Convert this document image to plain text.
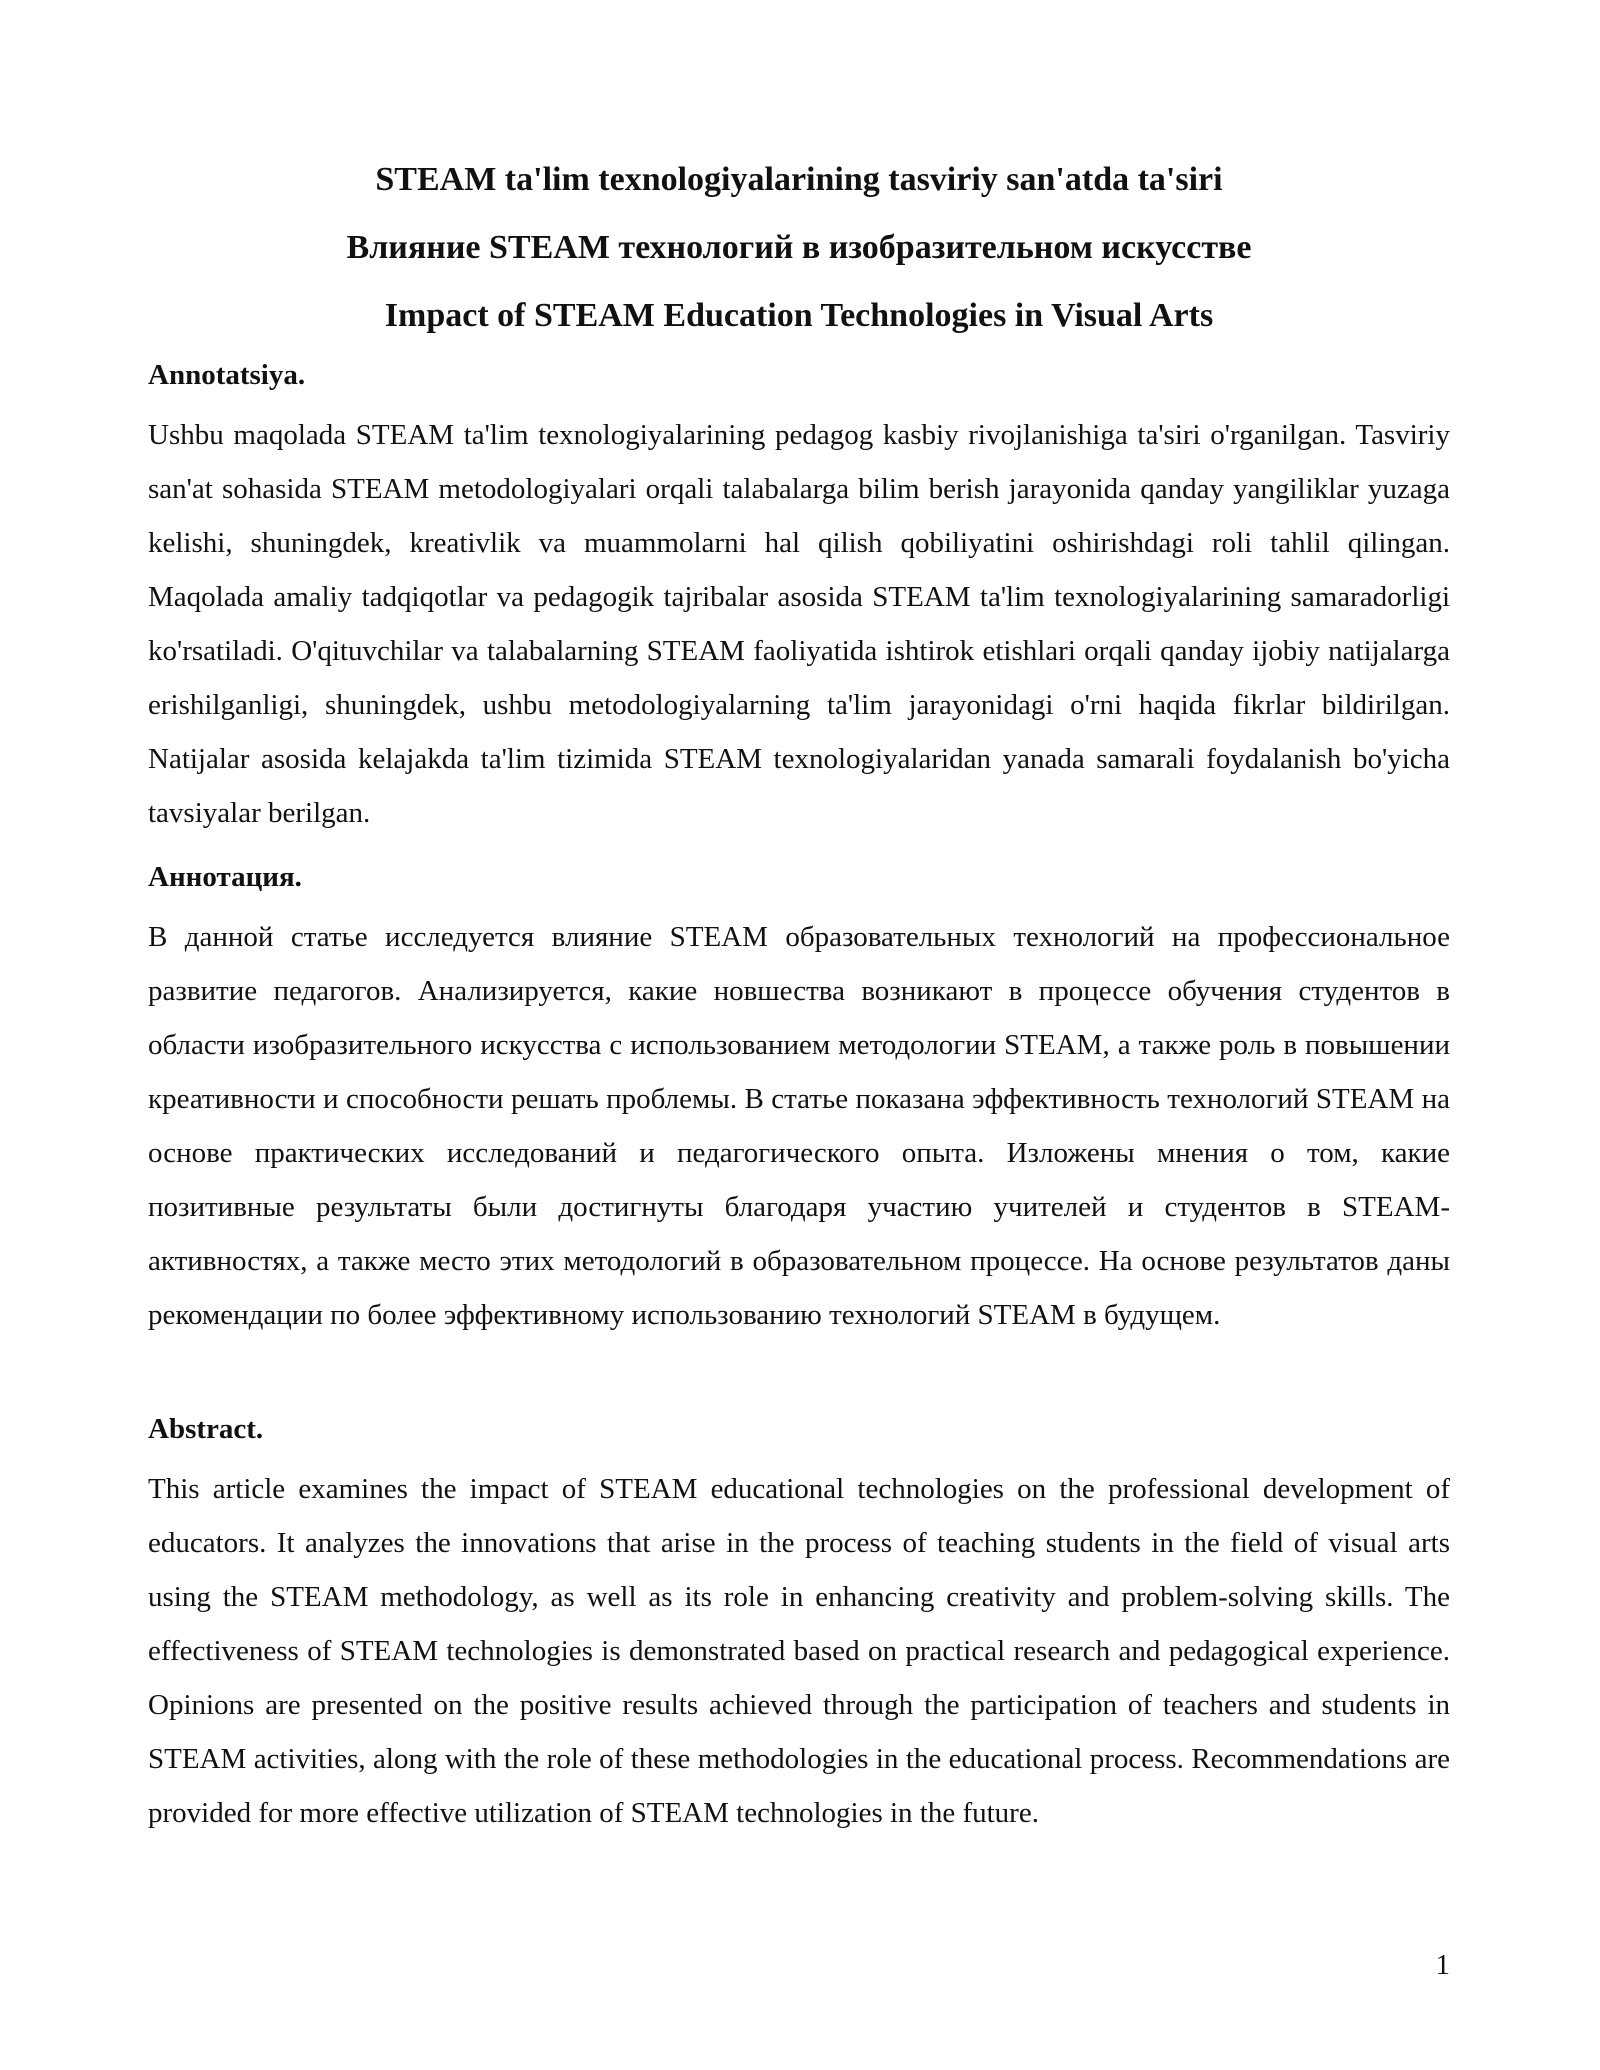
STEAM ta'lim texnologiyalarining tasviriy san'atda ta'siri

Влияние STEAM технологий в изобразительном искусстве

Impact of STEAM Education Technologies in Visual Arts

Annotatsiya.

Ushbu maqolada STEAM ta'lim texnologiyalarining pedagog kasbiy rivojlanishiga ta'siri o'rganilgan. Tasviriy san'at sohasida STEAM metodologiyalari orqali talabalarga bilim berish jarayonida qanday yangiliklar yuzaga kelishi, shuningdek, kreativlik va muammolarni hal qilish qobiliyatini oshirishdagi roli tahlil qilingan. Maqolada amaliy tadqiqotlar va pedagogik tajribalar asosida STEAM ta'lim texnologiyalarining samaradorligi ko'rsatiladi. O'qituvchilar va talabalarning STEAM faoliyatida ishtirok etishlari orqali qanday ijobiy natijalarga erishilganligi, shuningdek, ushbu metodologiyalarning ta'lim jarayonidagi o'rni haqida fikrlar bildirilgan. Natijalar asosida kelajakda ta'lim tizimida STEAM texnologiyalaridan yanada samarali foydalanish bo'yicha tavsiyalar berilgan.

Аннотация.

В данной статье исследуется влияние STEAM образовательных технологий на профессиональное развитие педагогов. Анализируется, какие новшества возникают в процессе обучения студентов в области изобразительного искусства с использованием методологии STEAM, а также роль в повышении креативности и способности решать проблемы. В статье показана эффективность технологий STEAM на основе практических исследований и педагогического опыта. Изложены мнения о том, какие позитивные результаты были достигнуты благодаря участию учителей и студентов в STEAM-активностях, а также место этих методологий в образовательном процессе. На основе результатов даны рекомендации по более эффективному использованию технологий STEAM в будущем.

Abstract.

This article examines the impact of STEAM educational technologies on the professional development of educators. It analyzes the innovations that arise in the process of teaching students in the field of visual arts using the STEAM methodology, as well as its role in enhancing creativity and problem-solving skills. The effectiveness of STEAM technologies is demonstrated based on practical research and pedagogical experience. Opinions are presented on the positive results achieved through the participation of teachers and students in STEAM activities, along with the role of these methodologies in the educational process. Recommendations are provided for more effective utilization of STEAM technologies in the future.

1
